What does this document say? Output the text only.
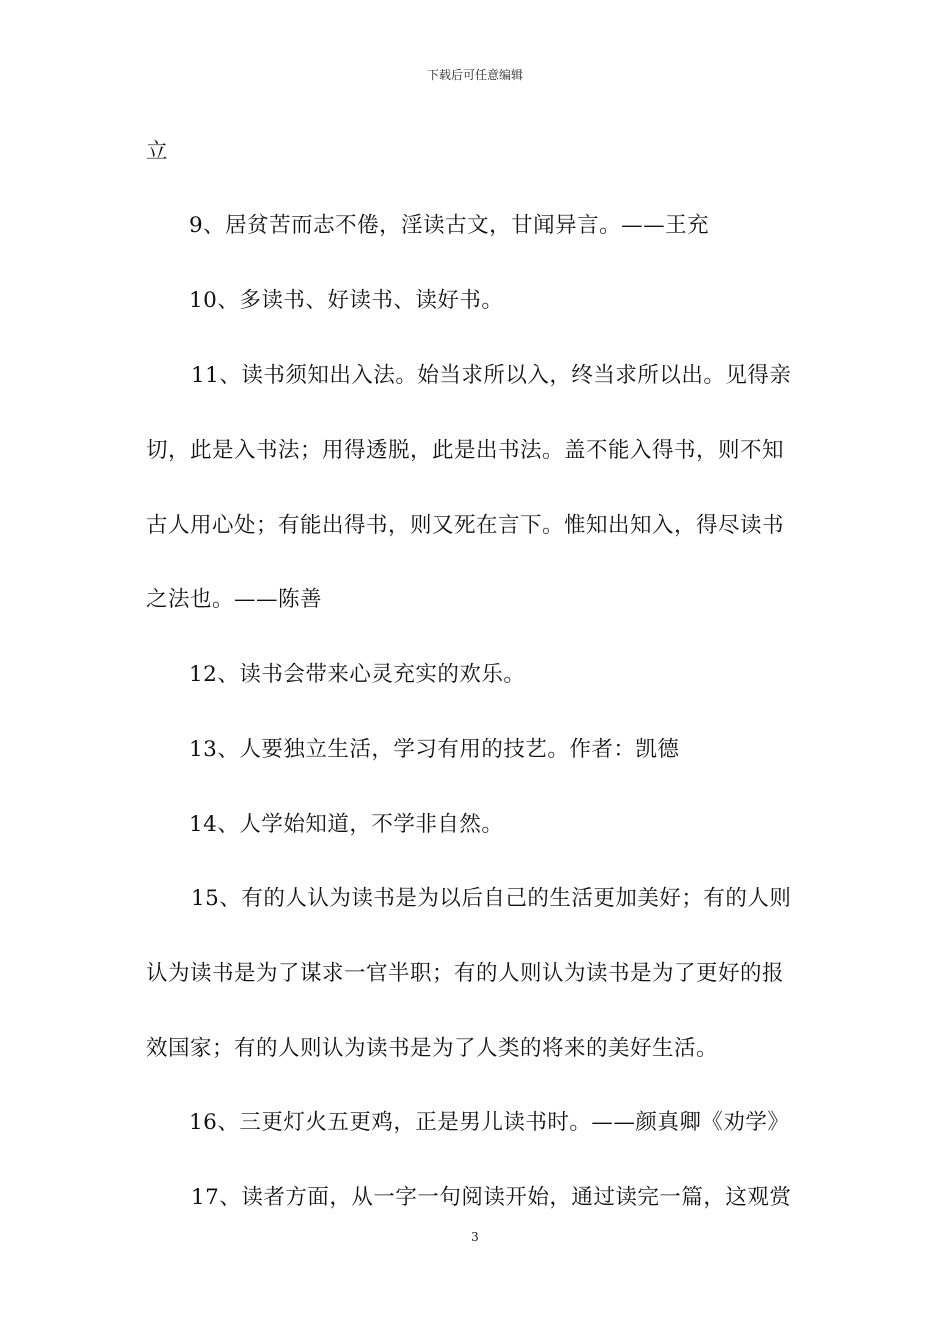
下载后可任意编辑
立
9、居贫苦而志不倦，淫读古文，甘闻异言。——王充
10、多读书、好读书、读好书。
11、读书须知出入法。始当求所以入，终当求所以出。见得亲
切，此是入书法；用得透脱，此是出书法。盖不能入得书，则不知
古人用心处；有能出得书，则又死在言下。惟知出知入，得尽读书
之法也。——陈善
12、读书会带来心灵充实的欢乐。
13、人要独立生活，学习有用的技艺。作者：凯德
14、人学始知道，不学非自然。
15、有的人认为读书是为以后自己的生活更加美好；有的人则
认为读书是为了谋求一官半职；有的人则认为读书是为了更好的报
效国家；有的人则认为读书是为了人类的将来的美好生活。
16、三更灯火五更鸡，正是男儿读书时。——颜真卿《劝学》
17、读者方面，从一字一句阅读开始，通过读完一篇，这观赏
3
